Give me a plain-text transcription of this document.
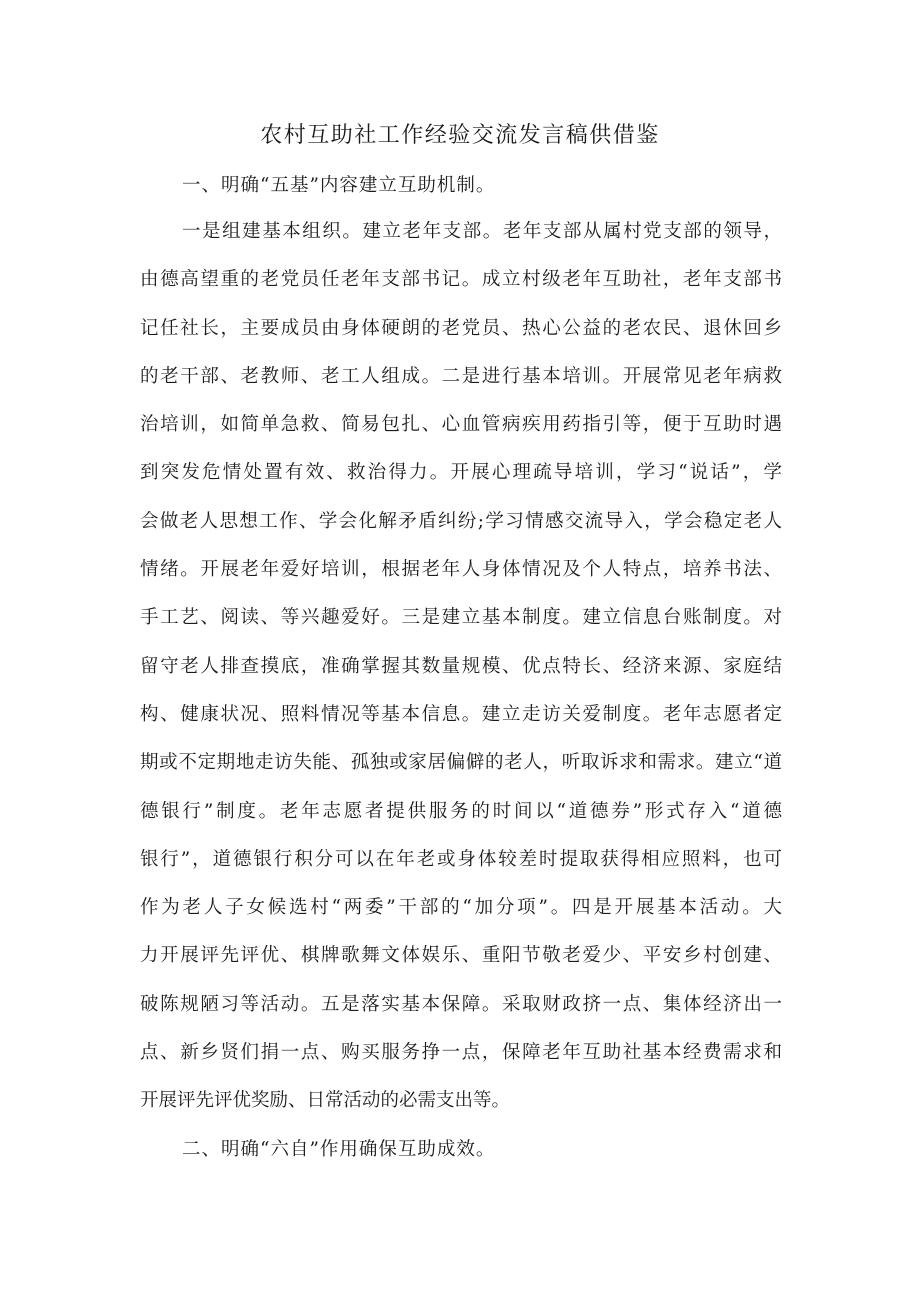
农村互助社工作经验交流发言稿供借鉴

一、明确“五基”内容建立互助机制。

一是组建基本组织。建立老年支部。老年支部从属村党支部的领导，
由德高望重的老党员任老年支部书记。成立村级老年互助社，老年支部书
记任社长，主要成员由身体硬朗的老党员、热心公益的老农民、退休回乡
的老干部、老教师、老工人组成。二是进行基本培训。开展常见老年病救
治培训，如简单急救、简易包扎、心血管病疾用药指引等，便于互助时遇
到突发危情处置有效、救治得力。开展心理疏导培训，学习“说话”，学
会做老人思想工作、学会化解矛盾纠纷;学习情感交流导入，学会稳定老人
情绪。开展老年爱好培训，根据老年人身体情况及个人特点，培养书法、
手工艺、阅读、等兴趣爱好。三是建立基本制度。建立信息台账制度。对
留守老人排查摸底，准确掌握其数量规模、优点特长、经济来源、家庭结
构、健康状况、照料情况等基本信息。建立走访关爱制度。老年志愿者定
期或不定期地走访失能、孤独或家居偏僻的老人，听取诉求和需求。建立“道
德银行”制度。老年志愿者提供服务的时间以“道德券”形式存入“道德
银行”，道德银行积分可以在年老或身体较差时提取获得相应照料，也可
作为老人子女候选村“两委”干部的“加分项”。四是开展基本活动。大
力开展评先评优、棋牌歌舞文体娱乐、重阳节敬老爱少、平安乡村创建、
破陈规陋习等活动。五是落实基本保障。采取财政挤一点、集体经济出一
点、新乡贤们捐一点、购买服务挣一点，保障老年互助社基本经费需求和
开展评先评优奖励、日常活动的必需支出等。

二、明确“六自”作用确保互助成效。
